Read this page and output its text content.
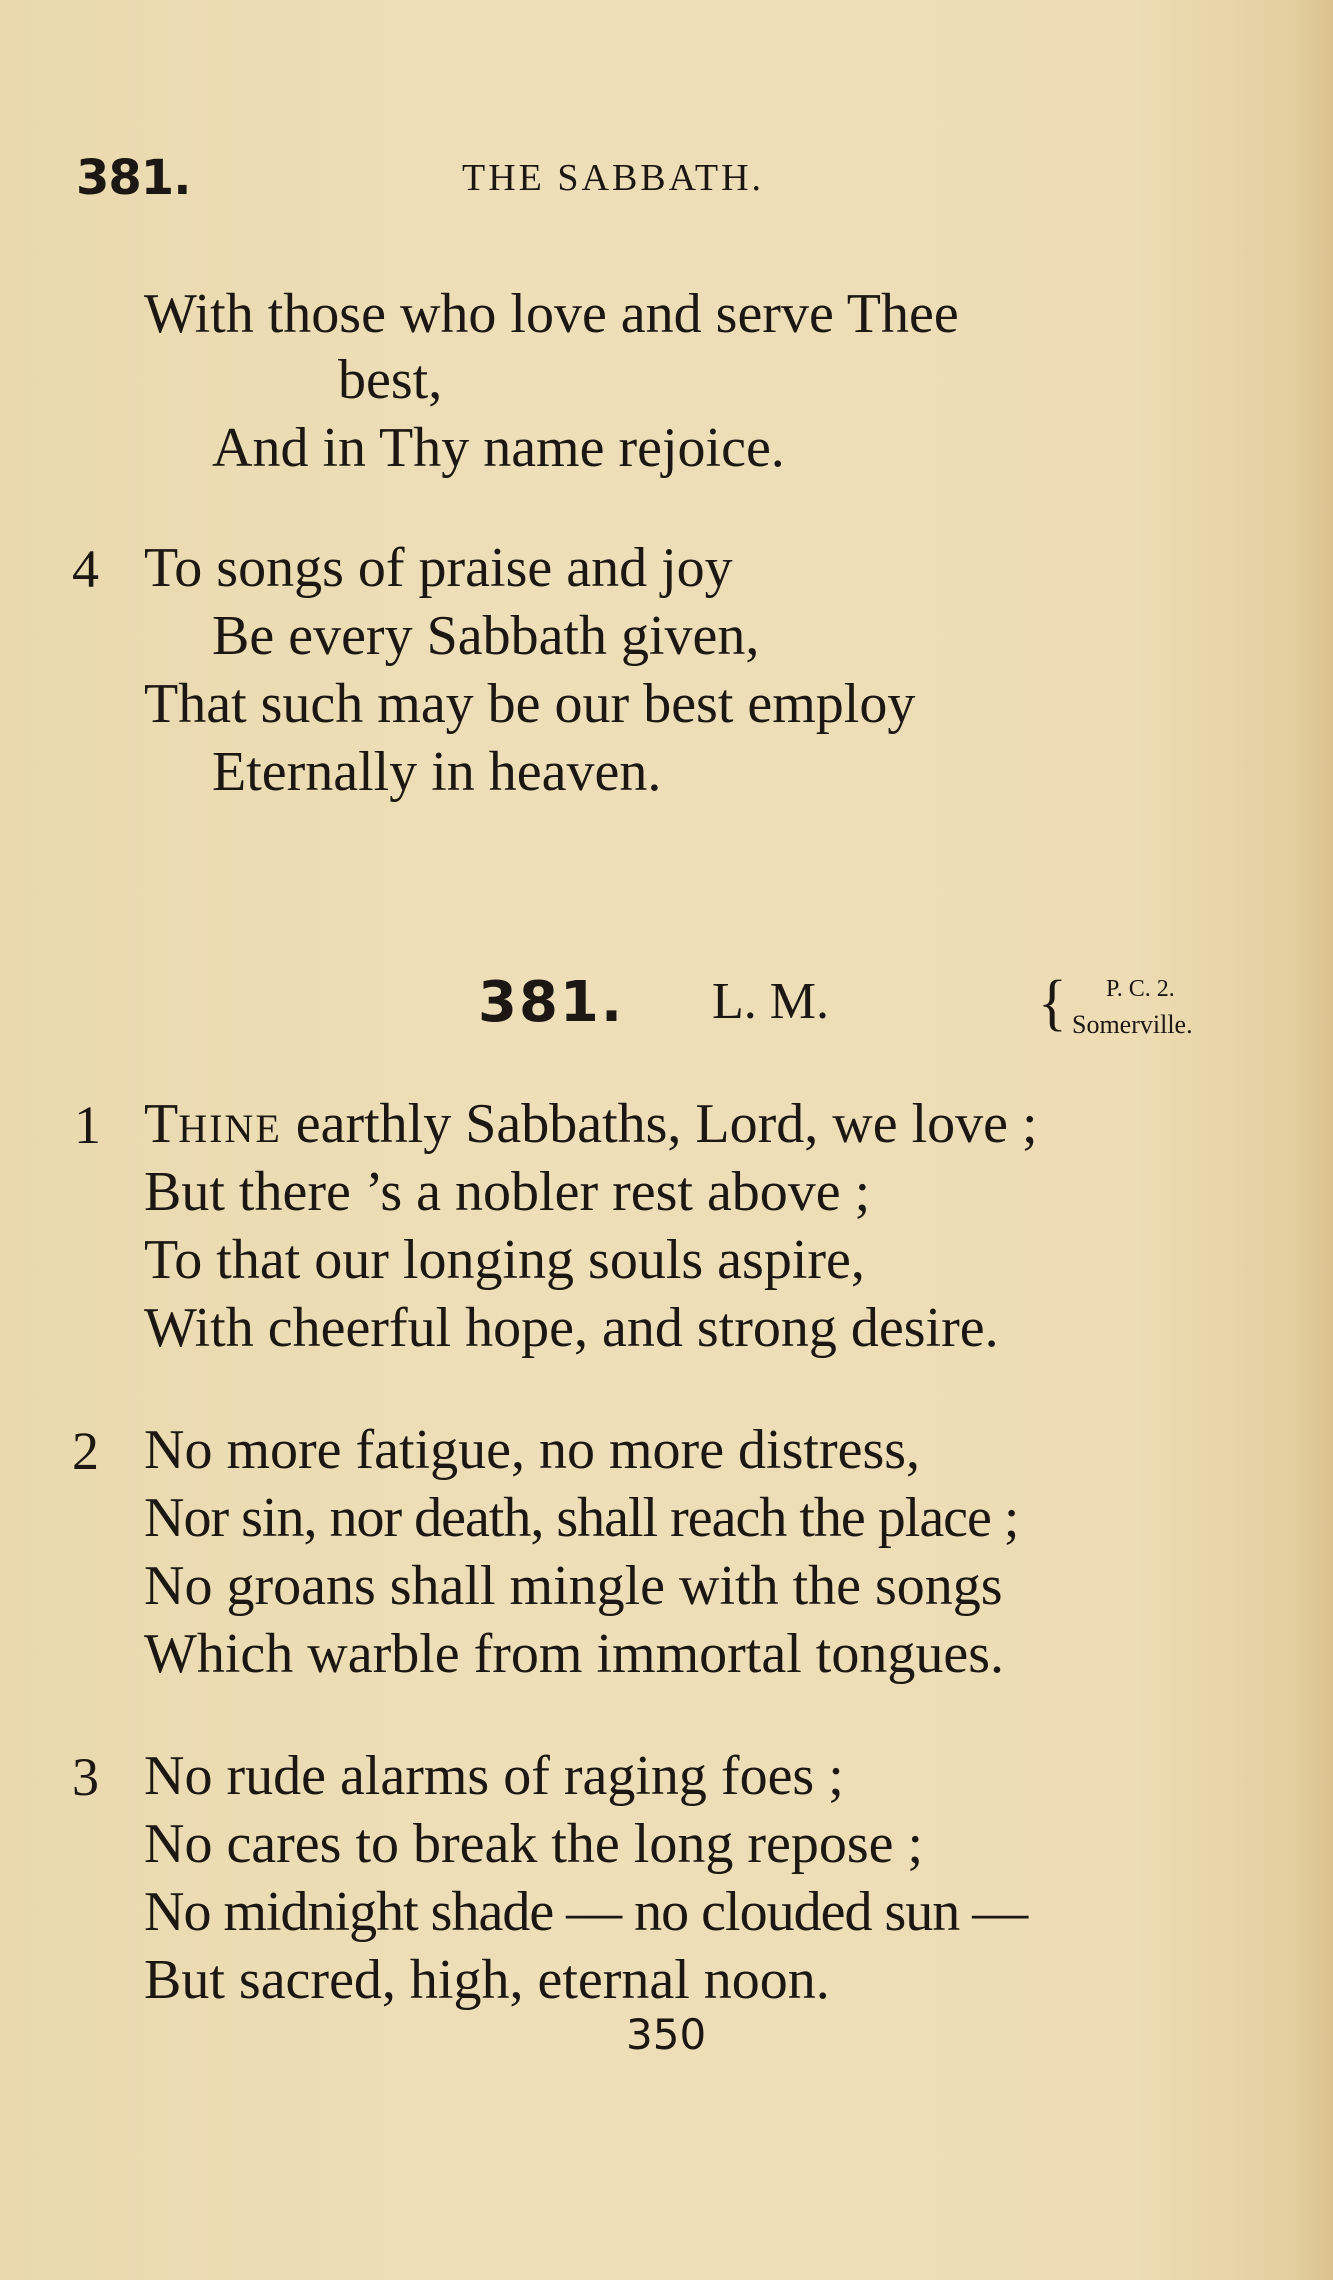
381.	THE SABBATH.
With those who love and serve Thee
best,
And in Thy name rejoice.
4 To songs of praise and joy
Be every Sabbath given,
That such may be our best employ
Eternally in heaven.
381. L. M.	{ P. C. 2.
Somerville.
1 THINE earthly Sabbaths, Lord, we love ;
But there ’s a nobler rest above ;
To that our longing souls aspire,
With cheerful hope, and strong desire.
2 No more fatigue, no more distress,
Nor sin, nor death, shall reach the place ;
No groans shall mingle with the songs
Which warble from immortal tongues.
3 No rude alarms of raging foes ;
No cares to break the long repose ;
No midnight shade — no clouded sun —
But sacred, high, eternal noon.
350
